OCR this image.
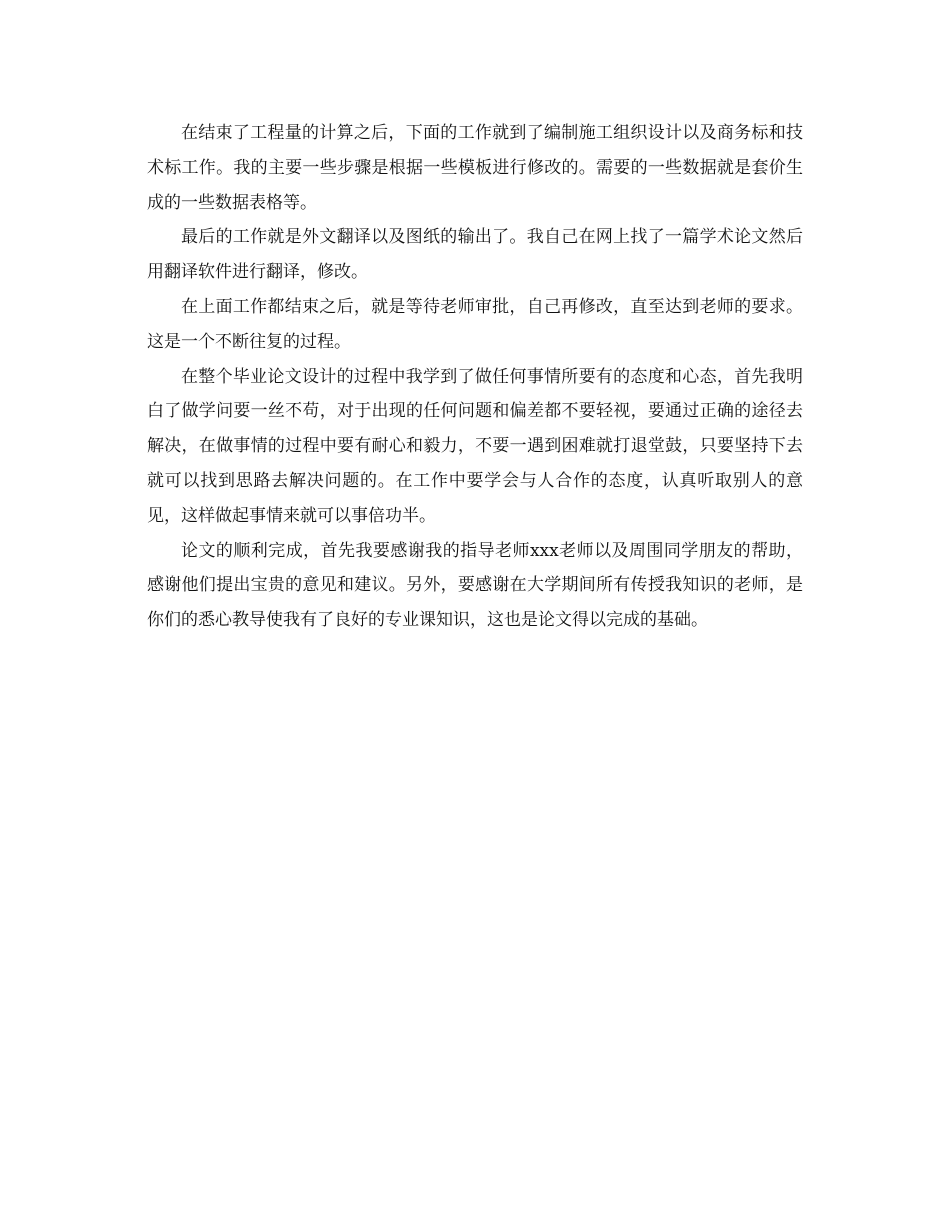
在结束了工程量的计算之后，下面的工作就到了编制施工组织设计以及商务标和技术标工作。我的主要一些步骤是根据一些模板进行修改的。需要的一些数据就是套价生成的一些数据表格等。

最后的工作就是外文翻译以及图纸的输出了。我自己在网上找了一篇学术论文然后用翻译软件进行翻译，修改。

在上面工作都结束之后，就是等待老师审批，自己再修改，直至达到老师的要求。这是一个不断往复的过程。

在整个毕业论文设计的过程中我学到了做任何事情所要有的态度和心态，首先我明白了做学问要一丝不苟，对于出现的任何问题和偏差都不要轻视，要通过正确的途径去解决，在做事情的过程中要有耐心和毅力，不要一遇到困难就打退堂鼓，只要坚持下去就可以找到思路去解决问题的。在工作中要学会与人合作的态度，认真听取别人的意见，这样做起事情来就可以事倍功半。

论文的顺利完成，首先我要感谢我的指导老师xxx老师以及周围同学朋友的帮助，感谢他们提出宝贵的意见和建议。另外，要感谢在大学期间所有传授我知识的老师，是你们的悉心教导使我有了良好的专业课知识，这也是论文得以完成的基础。
